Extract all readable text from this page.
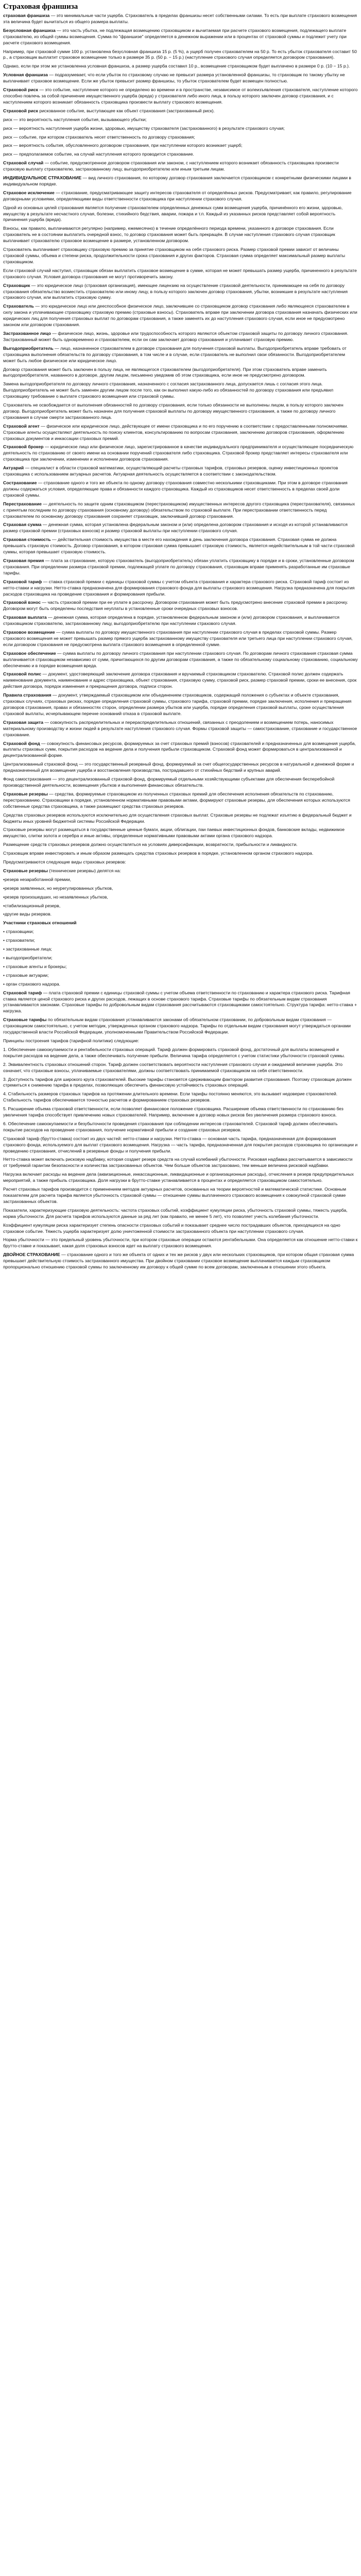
Страховая франшиза
страховая франшиза — это минимальные части ущерба. Страхователь в пределах франшизы несет собственными силами. То есть при выплате страхового возмещения эта величина будет вычитаться из общего размера выплаты.
Безусловная франшиза — это часть убытка, не подлежащая возмещению страховщиком и вычитаемая при расчете страхового возмещения, подлежащего выплате страхователю, из общей суммы возмещения. Сумма по "франшизе" определяется в денежном выражении или в процентах от страховой суммы и подлежит учету при расчете страхового возмещения.
Например, при страховой сумме 100 р. установлена безусловная франшиза 15 р. (5 %), а ущерб получен страхователем на 50 р. То есть убыток страхователя составит 50 р., а страховщик выплатит страховое возмещение только в размере 35 р. (50 р. − 15 р.) (наступление страхового случая определяется договором страхования).
Однако, если при этом же установленна условная франшиза, а размер ущерба составил 10 р., возмещение страховщиком будет выплачено в размере 0 р. (10 − 15 р.).
Условная франшиза — подразумевает, что если убыток по страховому случаю не превысит размера установленной франшизы, то страховщик по такому убытку не выплачивает страховое возмещение. Если же убыток превысит размер франшизы, то убыток страхователем будет возмещен полностью.
Страховой риск — это событие, наступление которого не определено во времени и в пространстве, независимое от волеизъявления страхователя, наступление которого способно повлечь за собой причинение имущественного ущерба (вреда) у страхователя либо иного лица, в пользу которого заключен договор страхования, и с наступлением которого возникает обязанность страховщика произвести выплату страхового возмещения.
Страховой риск рискованное событие, выступающее как объект страхования (застрахованный риск).
риск — это вероятность наступления события, вызывающего убытки;
риск — вероятность наступления ущерба жизни, здоровью, имуществу страхователя (застрахованного) в результате страхового случая;
риск — событие, при котором страхователь несет ответственность по договору страхования;
риск — вероятность события, обусловленного договором страхования, при наступлении которого возникает ущерб;
риск — предполагаемое событие, на случай наступления которого проводится страхование.
Страховой случай — событие, предусмотренное договором страхования или законом, с наступлением которого возникает обязанность страховщика произвести страховую выплату страхователю, застрахованному лицу, выгодоприобретателю или иным третьим лицам.
ИНДИВИДУАЛЬНОЕ СТРАХОВАНИЕ — вид личного страхования, по которому договор страхования заключается страховщиком с конкретными физическими лицами в индивидуальном порядке.
Страховое исключение — страхование, предусматривающее защиту интересов страхователя от определённых рисков. Предусматривает, как правило, регулирование договорными условиями, определяющими виды ответственности страховщика при наступлении страхового случая.
Одной из основных целей страхования является получение страхователем определенных денежных сумм возмещения ущерба, причинённого его жизни, здоровью, имуществу в результате несчастного случая, болезни, стихийного бедствия, аварии, пожара и т.п. Каждый из указанных рисков представляет собой вероятность причинения ущерба (вреда).
Взносы, как правило, выплачиваются регулярно (например, ежемесячно) в течение определённого периода времени, указанного в договоре страхования. Если страхователь не в состоянии выплатить очередной взнос, то договор страхования может быть прекращён. В случае наступления страхового случая страховщик выплачивает страхователю страховое возмещение в размере, установленном договором.
Страхователь выплачивает страховщику страховую премию за принятие страховщиком на себя страхового риска. Размер страховой премии зависит от величины страховой суммы, объема и степени риска, продолжительности срока страхования и других факторов. Страховая сумма определяет максимальный размер выплаты страховщиком.
Если страховой случай наступил, страховщик обязан выплатить страховое возмещение в сумме, которая не может превышать размер ущерба, причиненного в результате страхового случая. Условия договора страхования не могут противоречить закону.
Страховщик — это юридическое лицо (страховая организация), имеющее лицензию на осуществление страховой деятельности, принимающее на себя по договору страхования обязательство возместить страхователю или иному лицу, в пользу которого заключен договор страхования, убытки, возникшие в результате наступления страхового случая, или выплатить страховую сумму.
Страхователь — это юридическое лицо или дееспособное физическое лицо, заключившее со страховщиком договор страхования либо являющееся страхователем в силу закона и уплачивающее страховщику страховую премию (страховые взносы). Страхователь вправе при заключении договора страхования назначать физических или юридических лиц для получения страховых выплат по договорам страхования, а также заменять их до наступления страхового случая, если иное не предусмотрено законом или договором страхования.
Застрахованное лицо — физическое лицо, жизнь, здоровье или трудоспособность которого являются объектом страховой защиты по договору личного страхования. Застрахованный может быть одновременно и страхователем, если он сам заключает договор страхования и уплачивает страховую премию.
Выгодоприобретатель — лицо, назначенное страхователем в договоре страхования для получения страховой выплаты. Выгодоприобретатель вправе требовать от страховщика выполнения обязательств по договору страхования, в том числе и в случае, если страхователь не выполнил свои обязанности. Выгодоприобретателем может быть любое физическое или юридическое лицо.
Договор страхования может быть заключен в пользу лица, не являющегося страхователем (выгодоприобретателя). При этом страхователь вправе заменить выгодоприобретателя, названного в договоре, другим лицом, письменно уведомив об этом страховщика, если иное не предусмотрено договором.
Замена выгодоприобретателя по договору личного страхования, назначенного с согласия застрахованного лица, допускается лишь с согласия этого лица. Выгодоприобретатель не может быть заменен другим лицом после того, как он выполнил какую-либо из обязанностей по договору страхования или предъявил страховщику требование о выплате страхового возмещения или страховой суммы.
Страхователь не освобождается от выполнения обязанностей по договору страхования, если только обязанности не выполнены лицом, в пользу которого заключен договор. Выгодоприобретатель может быть назначен для получения страховой выплаты по договору имущественного страхования, а также по договору личного страхования в случае смерти застрахованного лица.
Страховой агент — физическое или юридическое лицо, действующее от имени страховщика и по его поручению в соответствии с предоставленными полномочиями. Страховые агенты осуществляют деятельность по поиску клиентов, консультированию по вопросам страхования, заключению договоров страхования, оформлению страховых документов и инкассации страховых премий.
Страховой брокер — юридическое лицо или физическое лицо, зарегистрированное в качестве индивидуального предпринимателя и осуществляющее посредническую деятельность по страхованию от своего имени на основании поручений страхователя либо страховщика. Страховой брокер представляет интересы страхователя или страховщика при заключении, изменении и исполнении договоров страхования.
Актуарий — специалист в области страховой математики, осуществляющий расчеты страховых тарифов, страховых резервов, оценку инвестиционных проектов страховщика с использованием актуарных расчетов. Актуарная деятельность осуществляется в соответствии с законодательством.
Сострахование — страхование одного и того же объекта по одному договору страхования совместно несколькими страховщиками. При этом в договоре страхования должны содержаться условия, определяющие права и обязанности каждого страховщика. Каждый из страховщиков несет ответственность в пределах своей доли страховой суммы.
Перестрахование — деятельность по защите одним страховщиком (перестраховщиком) имущественных интересов другого страховщика (перестрахователя), связанных с принятым последним по договору страхования (основному договору) обязательством по страховой выплате. При перестраховании ответственность перед страхователем по основному договору страхования сохраняет страховщик, заключивший договор страхования.
Страховая сумма — денежная сумма, которая установлена федеральным законом и (или) определена договором страхования и исходя из которой устанавливаются размер страховой премии (страховых взносов) и размер страховой выплаты при наступлении страхового случая.
Страховая стоимость — действительная стоимость имущества в месте его нахождения в день заключения договора страхования. Страховая сумма не должна превышать страховую стоимость. Договор страхования, в котором страховая сумма превышает страховую стоимость, является недействительным в той части страховой суммы, которая превышает страховую стоимость.
Страховая премия — плата за страхование, которую страхователь (выгодоприобретатель) обязан уплатить страховщику в порядке и в сроки, установленные договором страхования. При определении размера страховой премии, подлежащей уплате по договору страхования, страховщик вправе применять разработанные им страховые тарифы.
Страховой тариф — ставка страховой премии с единицы страховой суммы с учетом объекта страхования и характера страхового риска. Страховой тариф состоит из нетто-ставки и нагрузки. Нетто-ставка предназначена для формирования страхового фонда для выплаты страхового возмещения. Нагрузка предназначена для покрытия расходов страховщика на проведение страхования и формирования прибыли.
Страховой взнос — часть страховой премии при ее уплате в рассрочку. Договором страхования может быть предусмотрено внесение страховой премии в рассрочку. Договором могут быть определены последствия неуплаты в установленные сроки очередных страховых взносов.
Страховая выплата — денежная сумма, которая определена в порядке, установленном федеральным законом и (или) договором страхования, и выплачивается страховщиком страхователю, застрахованному лицу, выгодоприобретателю при наступлении страхового случая.
Страховое возмещение — сумма выплаты по договору имущественного страхования при наступлении страхового случая в пределах страховой суммы. Размер страхового возмещения не может превышать размер прямого ущерба застрахованному имуществу страхователя или третьего лица при наступлении страхового случая, если договором страхования не предусмотрена выплата страхового возмещения в определенной сумме.
Страховое обеспечение — сумма выплаты по договору личного страхования при наступлении страхового случая. По договорам личного страхования страховая сумма выплачивается страховщиком независимо от сумм, причитающихся по другим договорам страхования, а также по обязательному социальному страхованию, социальному обеспечению и в порядке возмещения вреда.
Страховой полис — документ, удостоверяющий заключение договора страхования и вручаемый страховщиком страхователю. Страховой полис должен содержать наименование документа, наименование и адрес страховщика, объект страхования, страховую сумму, страховой риск, размер страховой премии, сроки ее внесения, срок действия договора, порядок изменения и прекращения договора, подписи сторон.
Правила страхования — документ, утверждаемый страховщиком или объединением страховщиков, содержащий положения о субъектах и объекте страхования, страховых случаях, страховых рисках, порядке определения страховой суммы, страхового тарифа, страховой премии, порядке заключения, исполнения и прекращения договоров страхования, правах и обязанностях сторон, определении размера убытков или ущерба, порядке определения страховой выплаты, сроке осуществления страховой выплаты, исчерпывающем перечне оснований отказа в страховой выплате.
Страховая защита — совокупность распределительных и перераспределительных отношений, связанных с преодолением и возмещением потерь, наносимых материальному производству и жизни людей в результате наступления страхового случая. Формы страховой защиты — самострахование, страхование и государственное страхование.
Страховой фонд — совокупность финансовых ресурсов, формируемых за счет страховых премий (взносов) страхователей и предназначенных для возмещения ущерба, выплаты страховых сумм, покрытия расходов на ведение дела и получения прибыли страховщиком. Страховой фонд может формироваться в централизованной и децентрализованной форме.
Централизованный страховой фонд — это государственный резервный фонд, формируемый за счет общегосударственных ресурсов в натуральной и денежной форме и предназначенный для возмещения ущерба и восстановления производства, пострадавшего от стихийных бедствий и крупных аварий.
Фонд самострахования — это децентрализованный страховой фонд, формируемый отдельными хозяйствующими субъектами для обеспечения бесперебойной производственной деятельности, возмещения убытков и выполнения финансовых обязательств.
Страховые резервы — средства, формируемые страховщиком из полученных страховых премий для обеспечения исполнения обязательств по страхованию, перестрахованию. Страховщики в порядке, установленном нормативными правовыми актами, формируют страховые резервы, для обеспечения которых используются собственные средства страховщика, а также размещают средства страховых резервов.
Средства страховых резервов используются исключительно для осуществления страховых выплат. Страховые резервы не подлежат изъятию в федеральный бюджет и бюджеты иных уровней бюджетной системы Российской Федерации.
Страховые резервы могут размещаться в государственные ценные бумаги, акции, облигации, паи паевых инвестиционных фондов, банковские вклады, недвижимое имущество, слитки золота и серебра и иные активы, определенные нормативными правовыми актами органа страхового надзора.
Размещение средств страховых резервов должно осуществляться на условиях диверсификации, возвратности, прибыльности и ликвидности.
Страховщик вправе инвестировать и иным образом размещать средства страховых резервов в порядке, установленном органом страхового надзора.
Предусматриваются следующие виды страховых резервов:
Страховые резервы (технические резервы) делятся на:
•резерв незаработанной премии,
•резерв заявленных, но неурегулированных убытков,
•резерв произошедших, но незаявленных убытков,
•стабилизационный резерв,
•другие виды резервов.
Участники страховых отношений
• страховщики;
• страхователи;
• застрахованные лица;
• выгодоприобретатели;
• страховые агенты и брокеры;
• страховые актуарии;
• орган страхового надзора.
Страховой тариф — плата страховой премии с единицы страховой суммы с учетом объема ответственности по страхованию и характера страхового риска. Тарифная ставка является ценой страхового риска и других расходов, лежащих в основе страхового тарифа. Страховые тарифы по обязательным видам страхования устанавливаются законами. Страховые тарифы по добровольным видам страхования рассчитываются страховщиками самостоятельно. Структура тарифа: нетто-ставка + нагрузка.
Страховые тарифы по обязательным видам страхования устанавливаются законами об обязательном страховании, по добровольным видам страхования — страховщиком самостоятельно, с учетом методик, утвержденных органом страхового надзора. Тарифы по отдельным видам страхования могут утверждаться органами государственной власти Российской Федерации, уполномоченными Правительством Российской Федерации.
Принципы построения тарифов (тарифной политики) следующие:
1. Обеспечение самоокупаемости и рентабельности страховых операций. Тариф должен формировать страховой фонд, достаточный для выплаты возмещений и покрытия расходов на ведение дела, а также обеспечивать получение прибыли. Величина тарифа определяется с учетом статистики убыточности страховой суммы.
2. Эквивалентность страховых отношений сторон. Тариф должен соответствовать вероятности наступления страхового случая и ожидаемой величине ущерба. Это означает, что страховые взносы, уплачиваемые страхователями, должны соответствовать принимаемой страховщиком на себя ответственности.
3. Доступность тарифов для широкого круга страхователей. Высокие тарифы становятся сдерживающим фактором развития страхования. Поэтому страховщик должен стремиться к снижению тарифа в пределах, позволяющих обеспечить финансовую устойчивость страховых операций.
4. Стабильность размеров страховых тарифов на протяжении длительного времени. Если тарифы постоянно меняются, это вызывает недоверие страхователей. Стабильность тарифов обеспечивается точностью расчетов и формированием страховых резервов.
5. Расширение объема страховой ответственности, если позволяет финансовое положение страховщика. Расширение объема ответственности по страхованию без увеличения тарифа способствует привлечению новых страхователей. Например, включение в договор новых рисков без увеличения размера страхового взноса.
6. Обеспечение самоокупаемости и безубыточности проведения страхования при соблюдении интересов страхователей. Страховой тариф должен обеспечивать покрытие расходов на проведение страхования, получение нормативной прибыли и создание страховых резервов.
Страховой тариф (брутто-ставка) состоит из двух частей: нетто-ставки и нагрузки. Нетто-ставка — основная часть тарифа, предназначенная для формирования страхового фонда, используемого для выплат страхового возмещения. Нагрузка — часть тарифа, предназначенная для покрытия расходов страховщика по организации и проведению страхования, отчислений в резервные фонды и получения прибыли.
Нетто-ставка может включать рисковую надбавку, которая создает резерв средств на случай колебаний убыточности. Рисковая надбавка рассчитывается в зависимости от требуемой гарантии безопасности и количества застрахованных объектов. Чем больше объектов застраховано, тем меньше величина рисковой надбавки.
Нагрузка включает расходы на ведение дела (аквизиционные, инкассационные, ликвидационные и организационные расходы), отчисления в резерв предупредительных мероприятий, а также прибыль страховщика. Доля нагрузки в брутто-ставке устанавливается в процентах и определяется страховщиком самостоятельно.
Расчет страховых тарифов производится с применением методов актуарных расчетов, основанных на теории вероятностей и математической статистике. Основным показателем для расчета тарифа является убыточность страховой суммы — отношение суммы выплаченного страхового возмещения к совокупной страховой сумме застрахованных объектов.
Показатели, характеризующие страховую деятельность: частота страховых событий, коэффициент кумуляции риска, убыточность страховой суммы, тяжесть ущерба, норма убыточности. Для расчета тарифов используются данные за ряд лет (как правило, не менее 5 лет), что позволяет учесть колебания убыточности.
Коэффициент кумуляции риска характеризует степень опасности страховых событий и показывает среднее число пострадавших объектов, приходящихся на одно страховое событие. Тяжесть ущерба характеризует долю уничтоженной стоимости застрахованного объекта при наступлении страхового случая.
Норма убыточности — это предельный уровень убыточности, при котором страховые операции остаются рентабельными. Она определяется как отношение нетто-ставки к брутто-ставке и показывает, какая доля страховых взносов идет на выплату страхового возмещения.
ДВОЙНОЕ СТРАХОВАНИЕ — страхование одного и того же объекта от одних и тех же рисков у двух или нескольких страховщиков, при котором общая страховая сумма превышает действительную стоимость застрахованного имущества. При двойном страховании страховое возмещение выплачивается каждым страховщиком пропорционально отношению страховой суммы по заключенному им договору к общей сумме по всем договорам, заключенным в отношении этого объекта.
